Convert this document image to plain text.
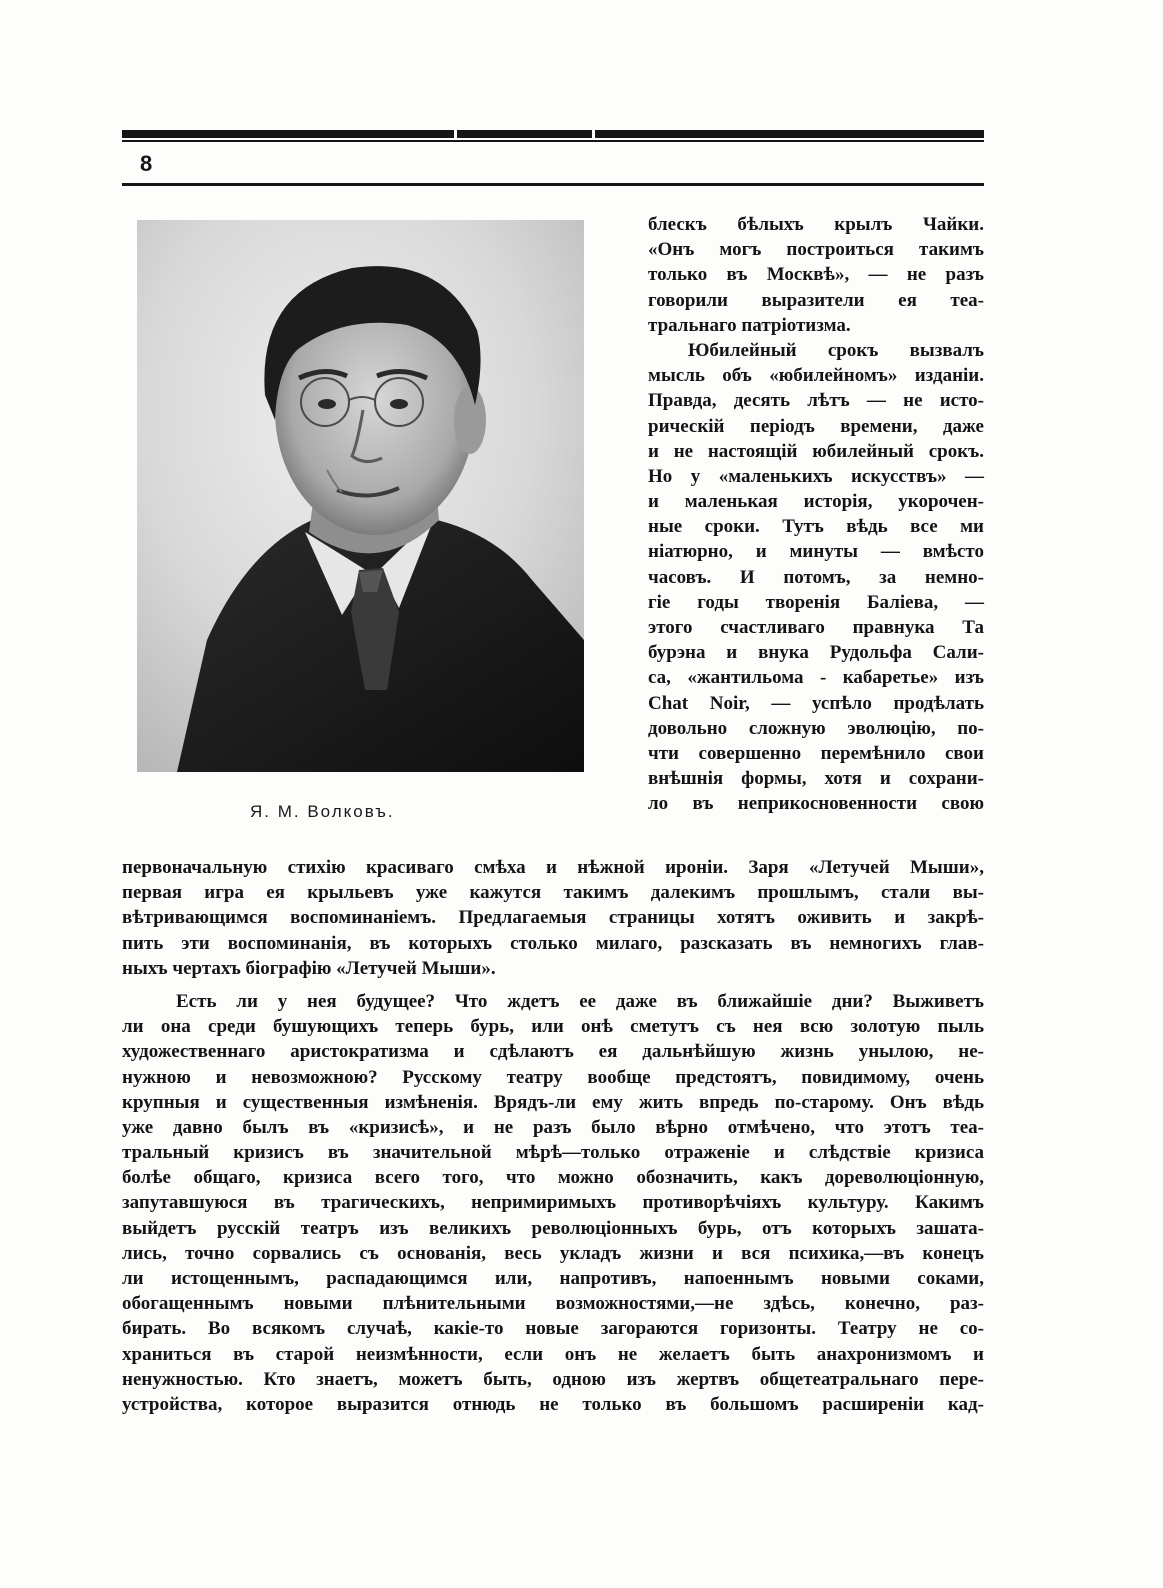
8
Я. М. Волковъ.
блескъ бѣлыхъ крылъ Чайки.
«Онъ могъ построиться такимъ
только въ Москвѣ», — не разъ
говорили выразители ея теа-
тральнаго патріотизма.
Юбилейный срокъ вызвалъ
мысль объ «юбилейномъ» изданіи.
Правда, десять лѣтъ — не исто-
рическій періодъ времени, даже
и не настоящій юбилейный срокъ.
Но у «маленькихъ искусствъ» —
и маленькая исторія, укорочен-
ные сроки. Тутъ вѣдь все ми
ніатюрно, и минуты — вмѣсто
часовъ. И потомъ, за немно-
гіе годы творенія Баліева, —
этого счастливаго правнука Та
бурэна и внука Рудольфа Сали-
са, «жантильома - кабаретье» изъ
Chat Noir, — успѣло продѣлать
довольно сложную эволюцію, по-
чти совершенно перемѣнило свои
внѣшнія формы, хотя и сохрани-
ло въ неприкосновенности свою
первоначальную стихію красиваго смѣха и нѣжной ироніи. Заря «Летучей Мыши»,
первая игра ея крыльевъ уже кажутся такимъ далекимъ прошлымъ, стали вы-
вѣтривающимся воспоминаніемъ. Предлагаемыя страницы хотятъ оживить и закрѣ-
пить эти воспоминанія, въ которыхъ столько милаго, разсказать въ немногихъ глав-
ныхъ чертахъ біографію «Летучей Мыши».
Есть ли у нея будущее? Что ждетъ ее даже въ ближайшіе дни? Выживетъ
ли она среди бушующихъ теперь бурь, или онѣ сметутъ съ нея всю золотую пыль
художественнаго аристократизма и сдѣлаютъ ея дальнѣйшую жизнь унылою, не-
нужною и невозможною? Русскому театру вообще предстоятъ, повидимому, очень
крупныя и существенныя измѣненія. Врядъ-ли ему жить впредь по-старому. Онъ вѣдь
уже давно былъ въ «кризисѣ», и не разъ было вѣрно отмѣчено, что этотъ теа-
тральный кризисъ въ значительной мѣрѣ—только отраженіе и слѣдствіе кризиса
болѣе общаго, кризиса всего того, что можно обозначить, какъ дореволюціонную,
запутавшуюся въ трагическихъ, непримиримыхъ противорѣчіяхъ культуру. Какимъ
выйдетъ русскій театръ изъ великихъ революціонныхъ бурь, отъ которыхъ зашата-
лись, точно сорвались съ основанія, весь укладъ жизни и вся психика,—въ конецъ
ли истощеннымъ, распадающимся или, напротивъ, напоеннымъ новыми соками,
обогащеннымъ новыми плѣнительными возможностями,—не здѣсь, конечно, раз-
бирать. Во всякомъ случаѣ, какіе-то новые загораются горизонты. Театру не со-
храниться въ старой неизмѣнности, если онъ не желаетъ быть анахронизмомъ и
ненужностью. Кто знаетъ, можетъ быть, одною изъ жертвъ общетеатральнаго пере-
устройства, которое выразится отнюдь не только въ большомъ расширеніи кад-
